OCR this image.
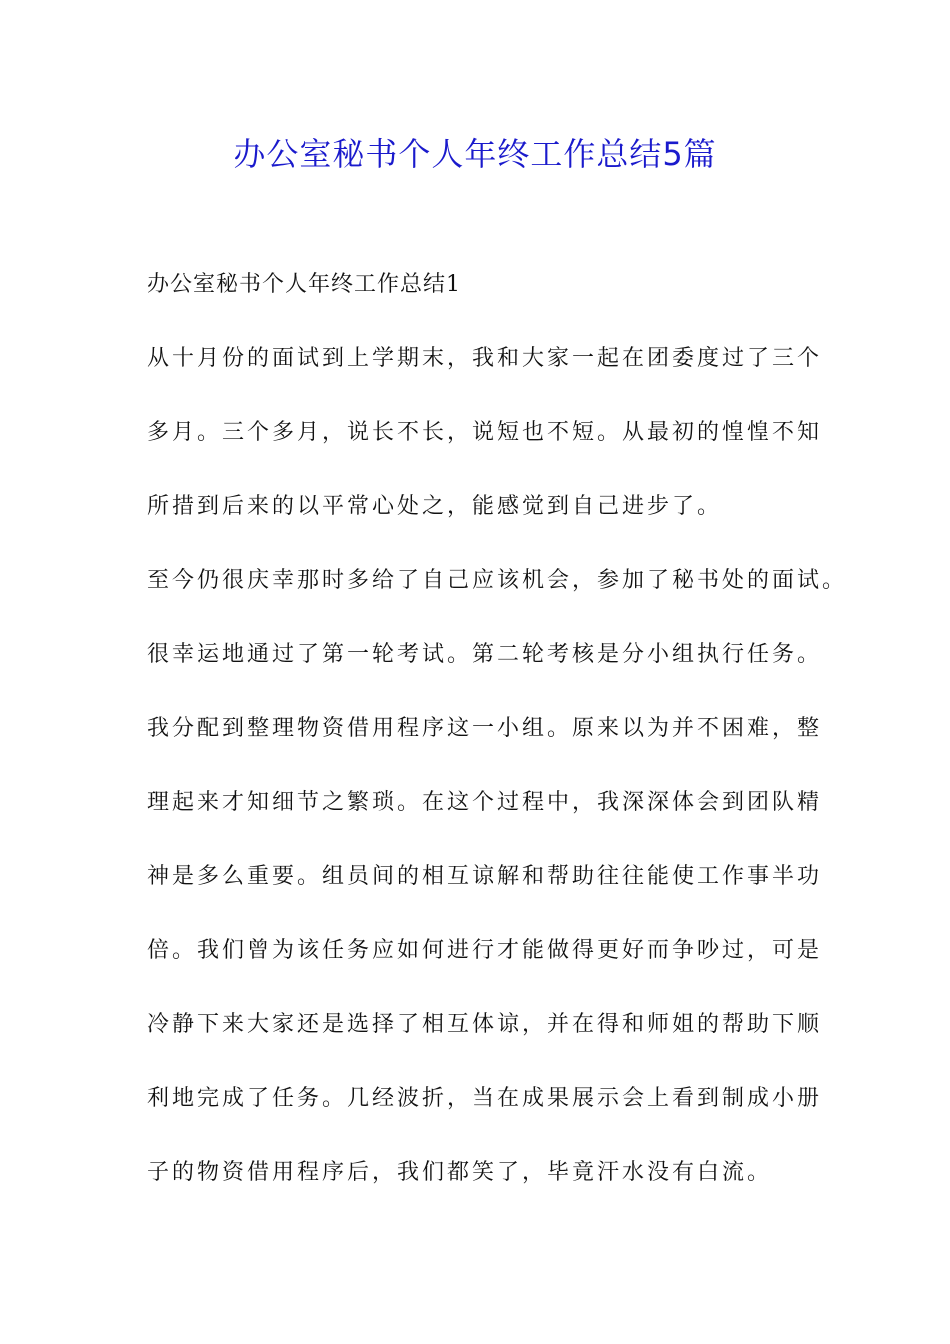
办公室秘书个人年终工作总结5篇
办公室秘书个人年终工作总结1
从十月份的面试到上学期末，我和大家一起在团委度过了三个
多月。三个多月，说长不长，说短也不短。从最初的惶惶不知
所措到后来的以平常心处之，能感觉到自己进步了。
至今仍很庆幸那时多给了自己应该机会，参加了秘书处的面试。
很幸运地通过了第一轮考试。第二轮考核是分小组执行任务。
我分配到整理物资借用程序这一小组。原来以为并不困难，整
理起来才知细节之繁琐。在这个过程中，我深深体会到团队精
神是多么重要。组员间的相互谅解和帮助往往能使工作事半功
倍。我们曾为该任务应如何进行才能做得更好而争吵过，可是
冷静下来大家还是选择了相互体谅，并在得和师姐的帮助下顺
利地完成了任务。几经波折，当在成果展示会上看到制成小册
子的物资借用程序后，我们都笑了，毕竟汗水没有白流。
